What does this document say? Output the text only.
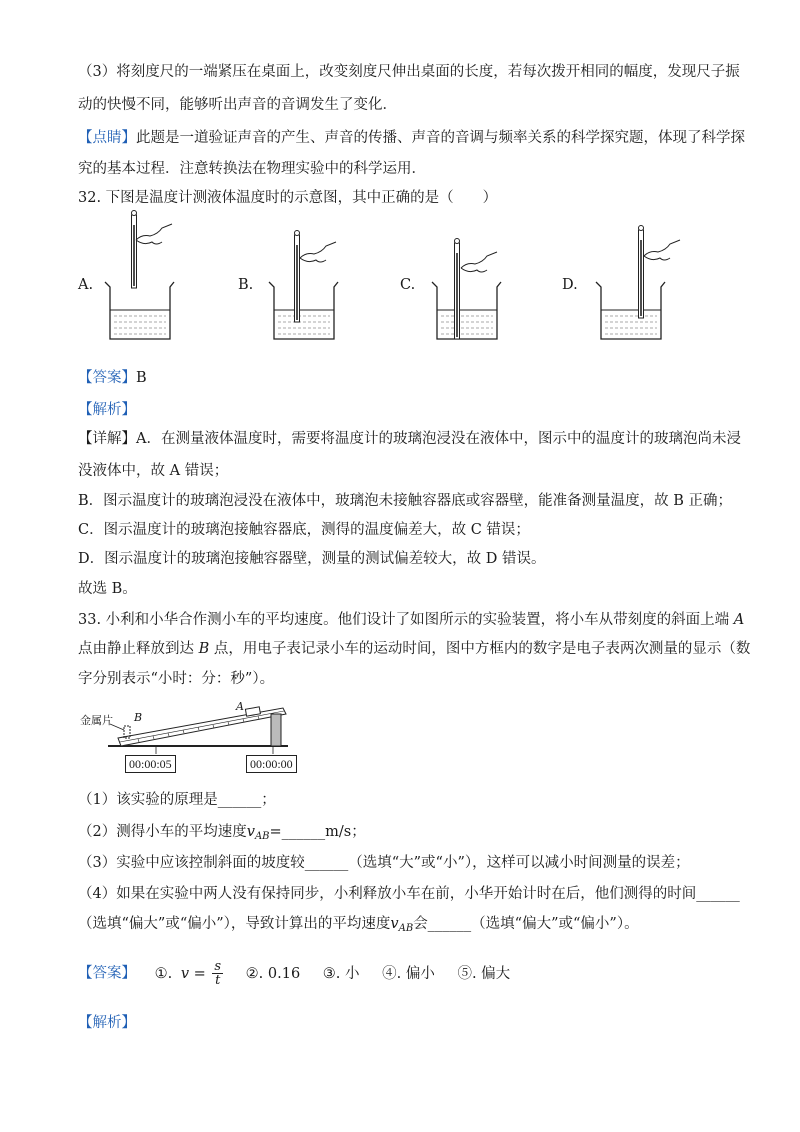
（3）将刻度尺的一端紧压在桌面上，改变刻度尺伸出桌面的长度，若每次拨开相同的幅度，发现尺子振
动的快慢不同，能够听出声音的音调发生了变化．
【点睛】此题是一道验证声音的产生、声音的传播、声音的音调与频率关系的科学探究题，体现了科学探
究的基本过程．注意转换法在物理实验中的科学运用．
32. 下图是温度计测液体温度时的示意图，其中正确的是（　　）
A.	B.	C.	D.
【答案】B
【解析】
【详解】A．在测量液体温度时，需要将温度计的玻璃泡浸没在液体中，图示中的温度计的玻璃泡尚未浸
没液体中，故 A 错误；
B．图示温度计的玻璃泡浸没在液体中，玻璃泡未接触容器底或容器壁，能准备测量温度，故 B 正确；
C．图示温度计的玻璃泡接触容器底，测得的温度偏差大，故 C 错误；
D．图示温度计的玻璃泡接触容器壁，测量的测试偏差较大，故 D 错误。
故选 B。
33. 小利和小华合作测小车的平均速度。他们设计了如图所示的实验装置，将小车从带刻度的斜面上端 A
点由静止释放到达 B 点，用电子表记录小车的运动时间，图中方框内的数字是电子表两次测量的显示（数
字分别表示“小时：分：秒”）。
金属片 B
A
00:00:05	00:00:00
（1）该实验的原理是______；
（2）测得小车的平均速度$v_{AB}=\_\_\_\_\_\_m/s$；
（3）实验中应该控制斜面的坡度较______（选填“大”或“小”），这样可以减小时间测量的误差；
（4）如果在实验中两人没有保持同步，小利释放小车在前，小华开始计时在后，他们测得的时间______
（选填“偏大”或“偏小”），导致计算出的平均速度$v_{AB}$会______（选填“偏大”或“偏小”）。
【答案】 ①. $v = \frac{s}{t}$ ②. 0.16 ③. 小 ④. 偏小 ⑤. 偏大
【解析】
